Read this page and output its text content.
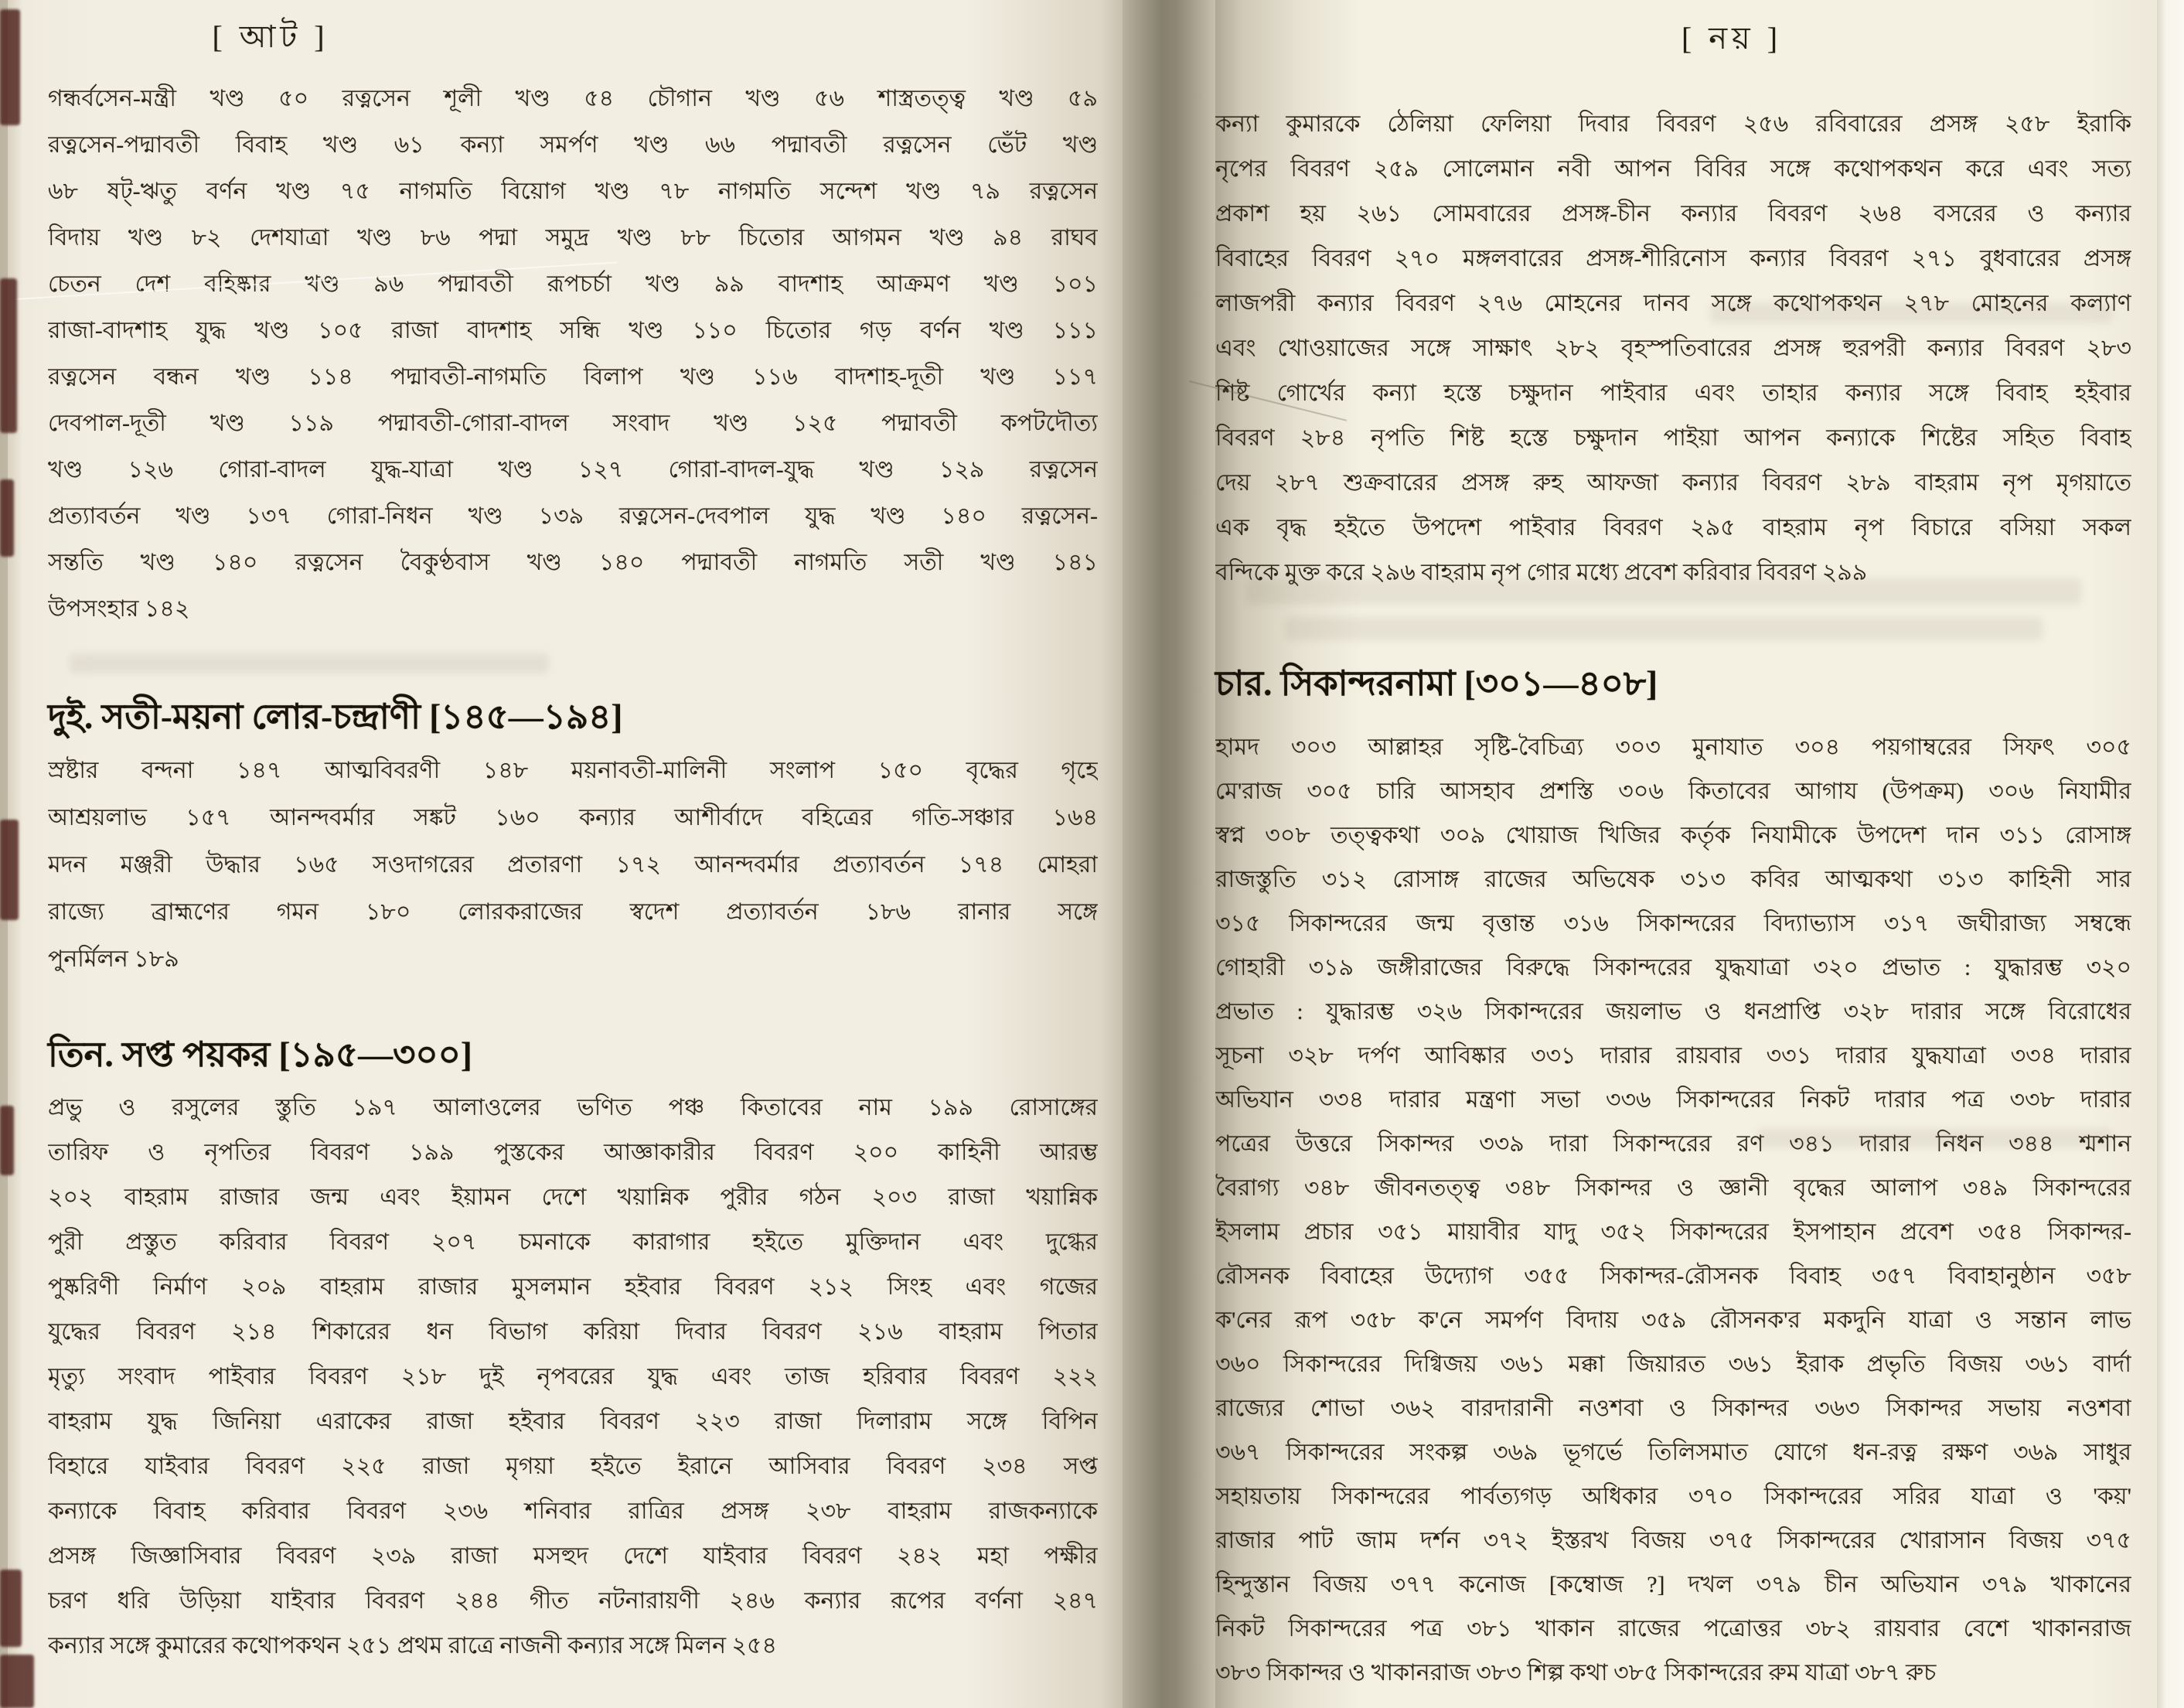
[ আট ]
গন্ধর্বসেন-মন্ত্রী খণ্ড ৫০ রত্নসেন শূলী খণ্ড ৫৪ চৌগান খণ্ড ৫৬ শাস্ত্রতত্ত্ব খণ্ড ৫৯
রত্নসেন-পদ্মাবতী বিবাহ খণ্ড ৬১ কন্যা সমর্পণ খণ্ড ৬৬ পদ্মাবতী রত্নসেন ভেঁট খণ্ড
৬৮ ষট্-ঋতু বর্ণন খণ্ড ৭৫ নাগমতি বিয়োগ খণ্ড ৭৮ নাগমতি সন্দেশ খণ্ড ৭৯ রত্নসেন
বিদায় খণ্ড ৮২ দেশযাত্রা খণ্ড ৮৬ পদ্মা সমুদ্র খণ্ড ৮৮ চিতোর আগমন খণ্ড ৯৪ রাঘব
চেতন দেশ বহিষ্কার খণ্ড ৯৬ পদ্মাবতী রূপচর্চা খণ্ড ৯৯ বাদশাহ আক্রমণ খণ্ড ১০১
রাজা-বাদশাহ যুদ্ধ খণ্ড ১০৫ রাজা বাদশাহ সন্ধি খণ্ড ১১০ চিতোর গড় বর্ণন খণ্ড ১১১
রত্নসেন বন্ধন খণ্ড ১১৪ পদ্মাবতী-নাগমতি বিলাপ খণ্ড ১১৬ বাদশাহ-দূতী খণ্ড ১১৭
দেবপাল-দূতী খণ্ড ১১৯ পদ্মাবতী-গোরা-বাদল সংবাদ খণ্ড ১২৫ পদ্মাবতী কপটদৌত্য
খণ্ড ১২৬ গোরা-বাদল যুদ্ধ-যাত্রা খণ্ড ১২৭ গোরা-বাদল-যুদ্ধ খণ্ড ১২৯ রত্নসেন
প্রত্যাবর্তন খণ্ড ১৩৭ গোরা-নিধন খণ্ড ১৩৯ রত্নসেন-দেবপাল যুদ্ধ খণ্ড ১৪০ রত্নসেন-
সন্ততি খণ্ড ১৪০ রত্নসেন বৈকুণ্ঠবাস খণ্ড ১৪০ পদ্মাবতী নাগমতি সতী খণ্ড ১৪১
উপসংহার ১৪২
দুই. সতী-ময়না লোর-চন্দ্রাণী [১৪৫—১৯৪]
স্রষ্টার বন্দনা ১৪৭ আত্মবিবরণী ১৪৮ ময়নাবতী-মালিনী সংলাপ ১৫০ বৃদ্ধের গৃহে
আশ্রয়লাভ ১৫৭ আনন্দবর্মার সঙ্কট ১৬০ কন্যার আশীর্বাদে বহিত্রের গতি-সঞ্চার ১৬৪
মদন মঞ্জরী উদ্ধার ১৬৫ সওদাগরের প্রতারণা ১৭২ আনন্দবর্মার প্রত্যাবর্তন ১৭৪ মোহরা
রাজ্যে ব্রাহ্মণের গমন ১৮০ লোরকরাজের স্বদেশ প্রত্যাবর্তন ১৮৬ রানার সঙ্গে
পুনর্মিলন ১৮৯
তিন. সপ্ত পয়কর [১৯৫—৩০০]
প্রভু ও রসুলের স্তুতি ১৯৭ আলাওলের ভণিত পঞ্চ কিতাবের নাম ১৯৯ রোসাঙ্গের
তারিফ ও নৃপতির বিবরণ ১৯৯ পুস্তকের আজ্ঞাকারীর বিবরণ ২০০ কাহিনী আরম্ভ
২০২ বাহরাম রাজার জন্ম এবং ইয়ামন দেশে খয়ান্নিক পুরীর গঠন ২০৩ রাজা খয়ান্নিক
পুরী প্রস্তুত করিবার বিবরণ ২০৭ চমনাকে কারাগার হইতে মুক্তিদান এবং দুগ্ধের
পুষ্করিণী নির্মাণ ২০৯ বাহরাম রাজার মুসলমান হইবার বিবরণ ২১২ সিংহ এবং গজের
যুদ্ধের বিবরণ ২১৪ শিকারের ধন বিভাগ করিয়া দিবার বিবরণ ২১৬ বাহরাম পিতার
মৃত্যু সংবাদ পাইবার বিবরণ ২১৮ দুই নৃপবরের যুদ্ধ এবং তাজ হরিবার বিবরণ ২২২
বাহরাম যুদ্ধ জিনিয়া এরাকের রাজা হইবার বিবরণ ২২৩ রাজা দিলারাম সঙ্গে বিপিন
বিহারে যাইবার বিবরণ ২২৫ রাজা মৃগয়া হইতে ইরানে আসিবার বিবরণ ২৩৪ সপ্ত
কন্যাকে বিবাহ করিবার বিবরণ ২৩৬ শনিবার রাত্রির প্রসঙ্গ ২৩৮ বাহরাম রাজকন্যাকে
প্রসঙ্গ জিজ্ঞাসিবার বিবরণ ২৩৯ রাজা মসহুদ দেশে যাইবার বিবরণ ২৪২ মহা পক্ষীর
চরণ ধরি উড়িয়া যাইবার বিবরণ ২৪৪ গীত নটনারায়ণী ২৪৬ কন্যার রূপের বর্ণনা ২৪৭
কন্যার সঙ্গে কুমারের কথোপকথন ২৫১ প্রথম রাত্রে নাজনী কন্যার সঙ্গে মিলন ২৫৪
[ নয় ]
কন্যা কুমারকে ঠেলিয়া ফেলিয়া দিবার বিবরণ ২৫৬ রবিবারের প্রসঙ্গ ২৫৮ ইরাকি
নৃপের বিবরণ ২৫৯ সোলেমান নবী আপন বিবির সঙ্গে কথোপকথন করে এবং সত্য
প্রকাশ হয় ২৬১ সোমবারের প্রসঙ্গ-চীন কন্যার বিবরণ ২৬৪ বসরের ও কন্যার
বিবাহের বিবরণ ২৭০ মঙ্গলবারের প্রসঙ্গ-শীরিনোস কন্যার বিবরণ ২৭১ বুধবারের প্রসঙ্গ
লাজপরী কন্যার বিবরণ ২৭৬ মোহনের দানব সঙ্গে কথোপকথন ২৭৮ মোহনের কল্যাণ
এবং খোওয়াজের সঙ্গে সাক্ষাৎ ২৮২ বৃহস্পতিবারের প্রসঙ্গ হুরপরী কন্যার বিবরণ ২৮৩
শিষ্ট গোর্খের কন্যা হস্তে চক্ষুদান পাইবার এবং তাহার কন্যার সঙ্গে বিবাহ হইবার
বিবরণ ২৮৪ নৃপতি শিষ্ট হস্তে চক্ষুদান পাইয়া আপন কন্যাকে শিষ্টের সহিত বিবাহ
দেয় ২৮৭ শুক্রবারের প্রসঙ্গ রুহ আফজা কন্যার বিবরণ ২৮৯ বাহরাম নৃপ মৃগয়াতে
এক বৃদ্ধ হইতে উপদেশ পাইবার বিবরণ ২৯৫ বাহরাম নৃপ বিচারে বসিয়া সকল
বন্দিকে মুক্ত করে ২৯৬ বাহরাম নৃপ গোর মধ্যে প্রবেশ করিবার বিবরণ ২৯৯
চার. সিকান্দরনামা [৩০১—৪০৮]
হামদ ৩০৩ আল্লাহর সৃষ্টি-বৈচিত্র্য ৩০৩ মুনাযাত ৩০৪ পয়গাম্বরের সিফৎ ৩০৫
মে'রাজ ৩০৫ চারি আসহাব প্রশস্তি ৩০৬ কিতাবের আগায (উপক্রম) ৩০৬ নিযামীর
স্বপ্ন ৩০৮ তত্ত্বকথা ৩০৯ খোয়াজ খিজির কর্তৃক নিযামীকে উপদেশ দান ৩১১ রোসাঙ্গ
রাজস্তুতি ৩১২ রোসাঙ্গ রাজের অভিষেক ৩১৩ কবির আত্মকথা ৩১৩ কাহিনী সার
৩১৫ সিকান্দরের জন্ম বৃত্তান্ত ৩১৬ সিকান্দরের বিদ্যাভ্যাস ৩১৭ জঘীরাজ্য সম্বন্ধে
গোহারী ৩১৯ জঙ্গীরাজের বিরুদ্ধে সিকান্দরের যুদ্ধযাত্রা ৩২০ প্রভাত : যুদ্ধারম্ভ ৩২০
প্রভাত : যুদ্ধারম্ভ ৩২৬ সিকান্দরের জয়লাভ ও ধনপ্রাপ্তি ৩২৮ দারার সঙ্গে বিরোধের
সূচনা ৩২৮ দর্পণ আবিষ্কার ৩৩১ দারার রায়বার ৩৩১ দারার যুদ্ধযাত্রা ৩৩৪ দারার
অভিযান ৩৩৪ দারার মন্ত্রণা সভা ৩৩৬ সিকান্দরের নিকট দারার পত্র ৩৩৮ দারার
পত্রের উত্তরে সিকান্দর ৩৩৯ দারা সিকান্দরের রণ ৩৪১ দারার নিধন ৩৪৪ শ্মশান
বৈরাগ্য ৩৪৮ জীবনতত্ত্ব ৩৪৮ সিকান্দর ও জ্ঞানী বৃদ্ধের আলাপ ৩৪৯ সিকান্দরের
ইসলাম প্রচার ৩৫১ মায়াবীর যাদু ৩৫২ সিকান্দরের ইসপাহান প্রবেশ ৩৫৪ সিকান্দর-
রৌসনক বিবাহের উদ্যোগ ৩৫৫ সিকান্দর-রৌসনক বিবাহ ৩৫৭ বিবাহানুষ্ঠান ৩৫৮
ক'নের রূপ ৩৫৮ ক'নে সমর্পণ বিদায় ৩৫৯ রৌসনক'র মকদুনি যাত্রা ও সন্তান লাভ
৩৬০ সিকান্দরের দিগ্বিজয় ৩৬১ মক্কা জিয়ারত ৩৬১ ইরাক প্রভৃতি বিজয় ৩৬১ বার্দা
রাজ্যের শোভা ৩৬২ বারদারানী নওশবা ও সিকান্দর ৩৬৩ সিকান্দর সভায় নওশবা
৩৬৭ সিকান্দরের সংকল্প ৩৬৯ ভূগর্ভে তিলিসমাত যোগে ধন-রত্ন রক্ষণ ৩৬৯ সাধুর
সহায়তায় সিকান্দরের পার্বত্যগড় অধিকার ৩৭০ সিকান্দরের সরির যাত্রা ও 'কয়'
রাজার পাট জাম দর্শন ৩৭২ ইস্তরখ বিজয় ৩৭৫ সিকান্দরের খোরাসান বিজয় ৩৭৫
হিন্দুস্তান বিজয় ৩৭৭ কনোজ [কম্বোজ ?] দখল ৩৭৯ চীন অভিযান ৩৭৯ খাকানের
নিকট সিকান্দরের পত্র ৩৮১ খাকান রাজের পত্রোত্তর ৩৮২ রায়বার বেশে খাকানরাজ
৩৮৩ সিকান্দর ও খাকানরাজ ৩৮৩ শিল্প কথা ৩৮৫ সিকান্দরের রুম যাত্রা ৩৮৭ রুচ
